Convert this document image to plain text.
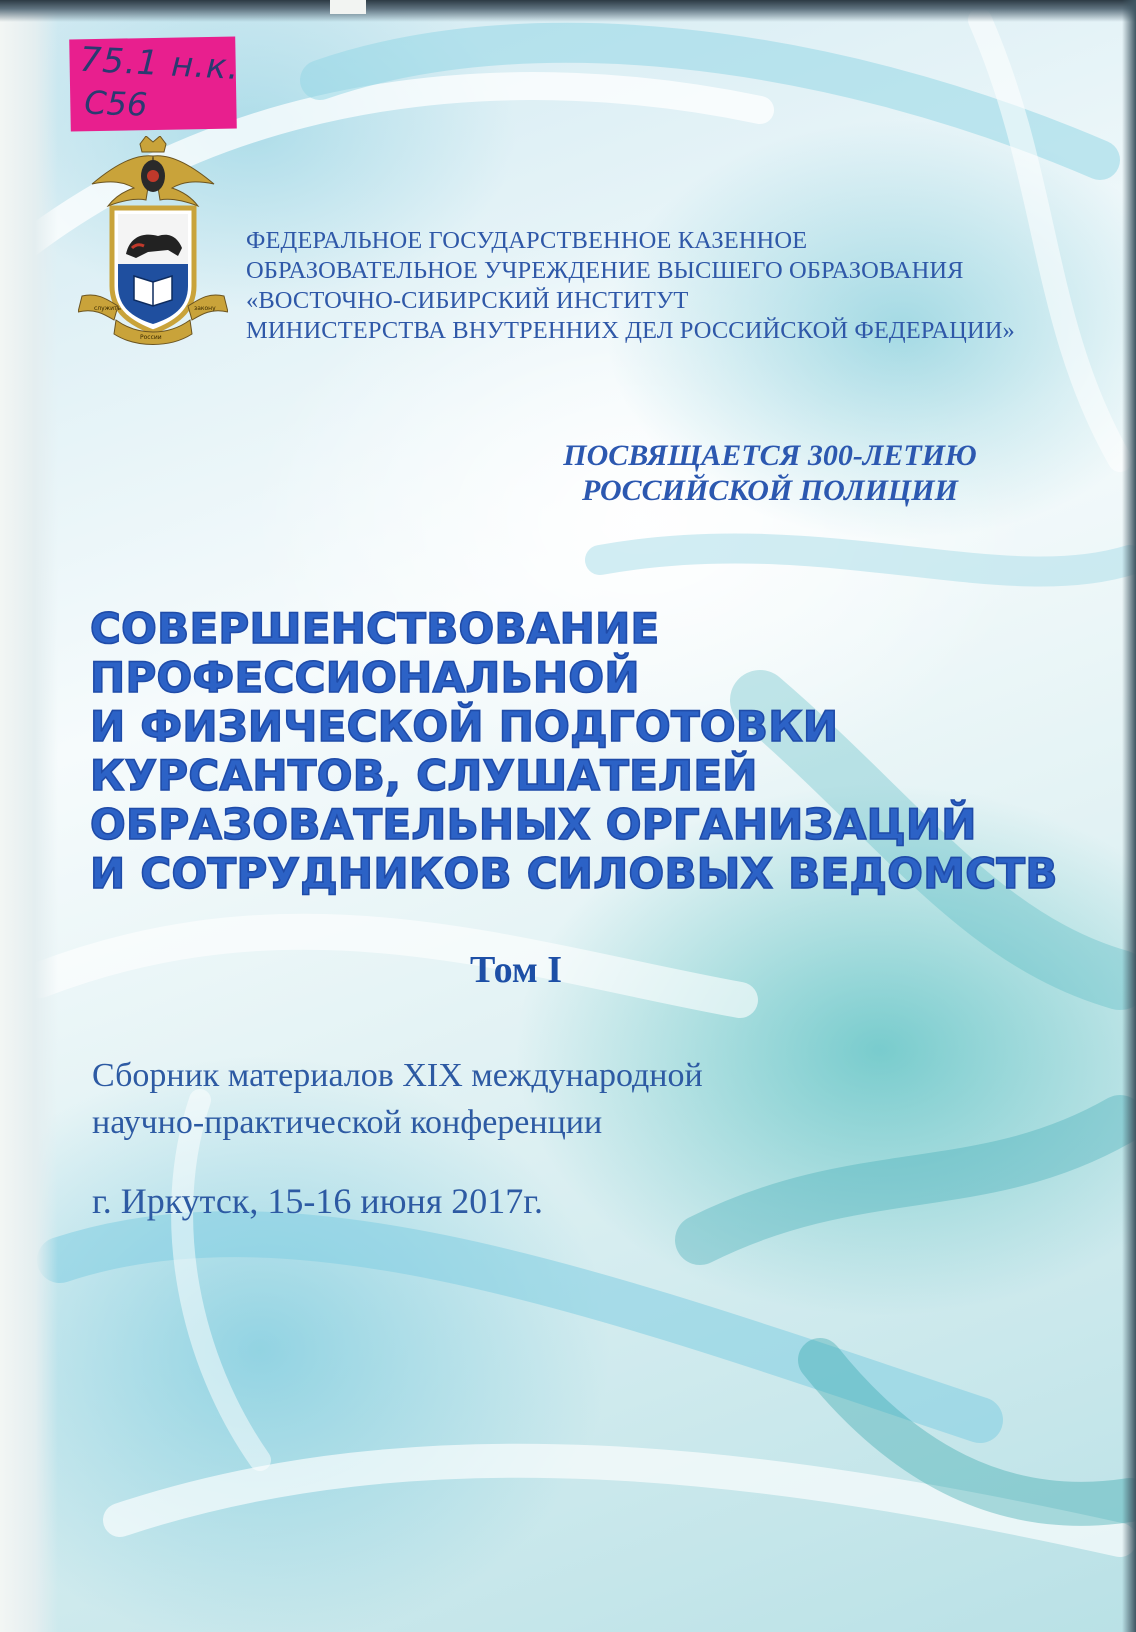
75.1 н.к.
С56
служить	закону
России
ФЕДЕРАЛЬНОЕ ГОСУДАРСТВЕННОЕ КАЗЕННОЕ
ОБРАЗОВАТЕЛЬНОЕ УЧРЕЖДЕНИЕ ВЫСШЕГО ОБРАЗОВАНИЯ
«ВОСТОЧНО-СИБИРСКИЙ ИНСТИТУТ
МИНИСТЕРСТВА ВНУТРЕННИХ ДЕЛ РОССИЙСКОЙ ФЕДЕРАЦИИ»
ПОСВЯЩАЕТСЯ 300-ЛЕТИЮ
РОССИЙСКОЙ ПОЛИЦИИ
СОВЕРШЕНСТВОВАНИЕ
ПРОФЕССИОНАЛЬНОЙ
И ФИЗИЧЕСКОЙ ПОДГОТОВКИ
КУРСАНТОВ, СЛУШАТЕЛЕЙ
ОБРАЗОВАТЕЛЬНЫХ ОРГАНИЗАЦИЙ
И СОТРУДНИКОВ СИЛОВЫХ ВЕДОМСТВ
Том I
Сборник материалов XIX международной
научно-практической конференции
г. Иркутск, 15-16 июня 2017г.
